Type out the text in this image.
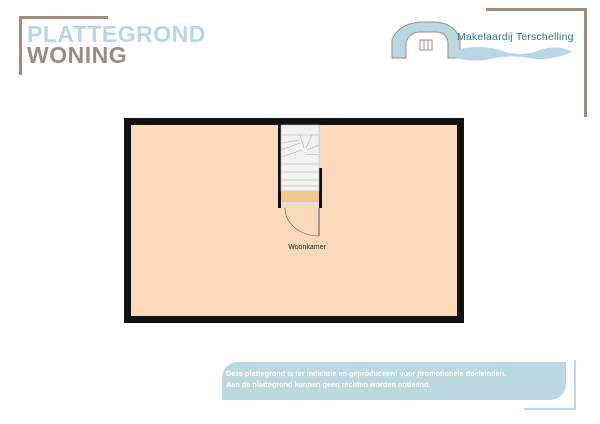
PLATTEGROND
WONING
Makelaardij Terschelling
Woonkamer
Deze plattegrond is ter indicatie en geproduceerd voor promotionele doeleinden.
Aan de plattegrond kunnen geen rechten worden ontleend.
